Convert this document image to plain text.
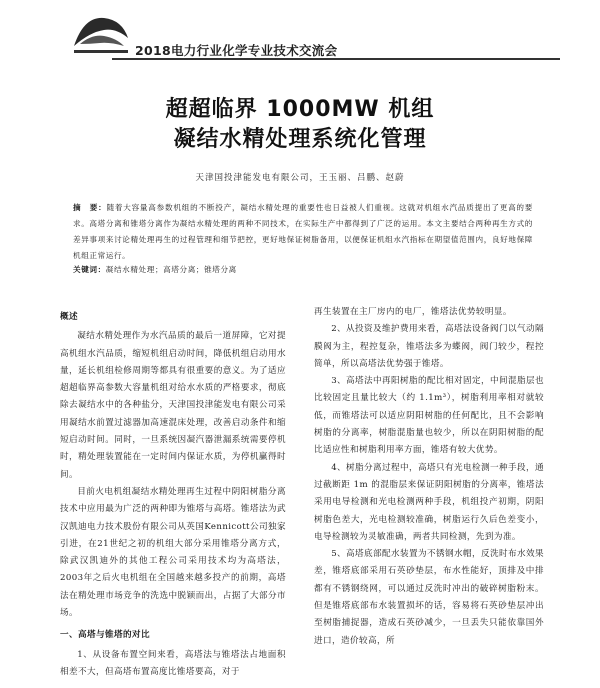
2018电力行业化学专业技术交流会
超超临界 1000MW 机组
凝结水精处理系统化管理
天津国投津能发电有限公司，王玉丽、吕鹏、赵蔚
摘　要：随着大容量高参数机组的不断投产，凝结水精处理的重要性也日益被人们重视。这就对机组水汽品质提出了更高的要求。高塔分离和锥塔分离作为凝结水精处理的两种不同技术，在实际生产中都得到了广泛的运用。本文主要结合两种再生方式的差异事项来讨论精处理再生的过程管理和细节把控，更好地保证树脂备用，以便保证机组水汽指标在期望值范围内，良好地保障机组正常运行。
关键词：凝结水精处理；高塔分离；锥塔分离

概述

凝结水精处理作为水汽品质的最后一道屏障，它对提高机组水汽品质，缩短机组启动时间，降低机组启动用水量，延长机组检修周期等都具有很重要的意义。为了适应超超临界高参数大容量机组对给水水质的严格要求，彻底除去凝结水中的各种盐分，天津国投津能发电有限公司采用凝结水前置过滤器加高速混床处理，改善启动条件和缩短启动时间。同时，一旦系统因凝汽器泄漏系统需要停机时，精处理装置能在一定时间内保证水质，为停机赢得时间。

目前火电机组凝结水精处理再生过程中阴阳树脂分离技术中应用最为广泛的两种即为锥塔与高塔。锥塔法为武汉凯迪电力技术股份有限公司从英国Kennicott公司独家引进，在21世纪之初的机组大部分采用锥塔分离方式，除武汉凯迪外的其他工程公司采用技术均为高塔法，2003年之后火电机组在全国越来越多投产的前期，高塔法在精处理市场竞争的洗选中脱颖而出，占据了大部分市场。

一、高塔与锥塔的对比

1、从设备布置空间来看，高塔法与锥塔法占地面积相差不大，但高塔布置高度比锥塔要高，对于

再生装置在主厂房内的电厂，锥塔法优势较明显。

2、从投资及维护费用来看，高塔法设备阀门以气动隔膜阀为主，程控复杂，锥塔法多为蝶阀，阀门较少，程控简单，所以高塔法优势强于锥塔。

3、高塔法中再阳树脂的配比相对固定，中间混脂层也比较固定且量比较大（约 1.1m³），树脂利用率相对就较低，而锥塔法可以适应阴阳树脂的任何配比，且不会影响树脂的分离率，树脂混脂量也较少，所以在阴阳树脂的配比适应性和树脂利用率方面，锥塔有较大优势。

4、树脂分离过程中，高塔只有光电检测一种手段，通过截断距 1m 的混脂层来保证阴阳树脂的分离率，锥塔法采用电导检测和光电检测两种手段，机组投产初期，阴阳树脂色差大，光电检测较准确，树脂运行久后色差变小，电导检测较为灵敏准确，两者共同检测，先到为准。

5、高塔底部配水装置为不锈钢水帽，反洗时布水效果差，锥塔底部采用石英砂垫层，布水性能好，顶排及中排都有不锈钢绕网，可以通过反洗时冲出的破碎树脂粉末。但是锥塔底部布水装置损坏的话，容易将石英砂垫层冲出至树脂捕捉器，造成石英砂减少，一旦丢失只能依靠国外进口，造价较高，所
